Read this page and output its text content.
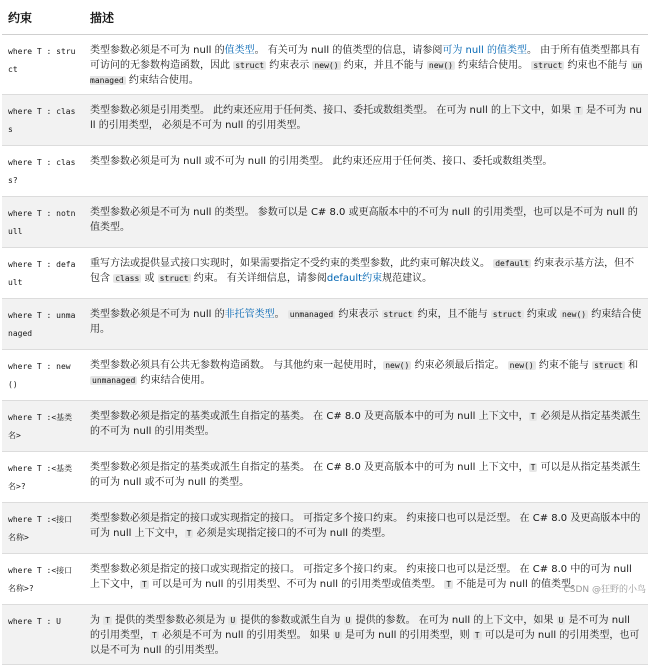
约束	描述
where T : struct	类型参数必须是不可为 null 的值类型。 有关可为 null 的值类型的信息，请参阅可为 null 的值类型。 由于所有值类型都具有可访问的无参数构造函数，因此 struct 约束表示 new() 约束，并且不能与 new() 约束结合使用。 struct 约束也不能与 unmanaged 约束结合使用。
where T : class	类型参数必须是引用类型。 此约束还应用于任何类、接口、委托或数组类型。 在可为 null 的上下文中，如果 T 是不可为 null 的引用类型， 必须是不可为 null 的引用类型。
where T : class?	类型参数必须是可为 null 或不可为 null 的引用类型。 此约束还应用于任何类、接口、委托或数组类型。
where T : notnull	类型参数必须是不可为 null 的类型。 参数可以是 C# 8.0 或更高版本中的不可为 null 的引用类型，也可以是不可为 null 的值类型。
where T : default	重写方法或提供显式接口实现时，如果需要指定不受约束的类型参数，此约束可解决歧义。 default 约束表示基方法，但不包含 class 或 struct 约束。 有关详细信息，请参阅default约束规范建议。
where T : unmanaged	类型参数必须是不可为 null 的非托管类型。 unmanaged 约束表示 struct 约束，且不能与 struct 约束或 new() 约束结合使用。
where T : new()	类型参数必须具有公共无参数构造函数。 与其他约束一起使用时， new() 约束必须最后指定。 new() 约束不能与 struct 和 unmanaged 约束结合使用。
where T :<基类名>	类型参数必须是指定的基类或派生自指定的基类。 在 C# 8.0 及更高版本中的可为 null 上下文中， T 必须是从指定基类派生的不可为 null 的引用类型。
where T :<基类名>?	类型参数必须是指定的基类或派生自指定的基类。 在 C# 8.0 及更高版本中的可为 null 上下文中， T 可以是从指定基类派生的可为 null 或不可为 null 的类型。
where T :<接口名称>	类型参数必须是指定的接口或实现指定的接口。 可指定多个接口约束。 约束接口也可以是泛型。 在 C# 8.0 及更高版本中的可为 null 上下文中， T 必须是实现指定接口的不可为 null 的类型。
where T :<接口名称>?	类型参数必须是指定的接口或实现指定的接口。 可指定多个接口约束。 约束接口也可以是泛型。 在 C# 8.0 中的可为 null 上下文中， T 可以是可为 null 的引用类型、不可为 null 的引用类型或值类型。 T 不能是可为 null 的值类型。
where T : U	为 T 提供的类型参数必须是为 U 提供的参数或派生自为 U 提供的参数。 在可为 null 的上下文中，如果 U 是不可为 null 的引用类型， T 必须是不可为 null 的引用类型。 如果 U 是可为 null 的引用类型，则 T 可以是可为 null 的引用类型，也可以是不可为 null 的引用类型。
CSDN @狂野的小鸟
